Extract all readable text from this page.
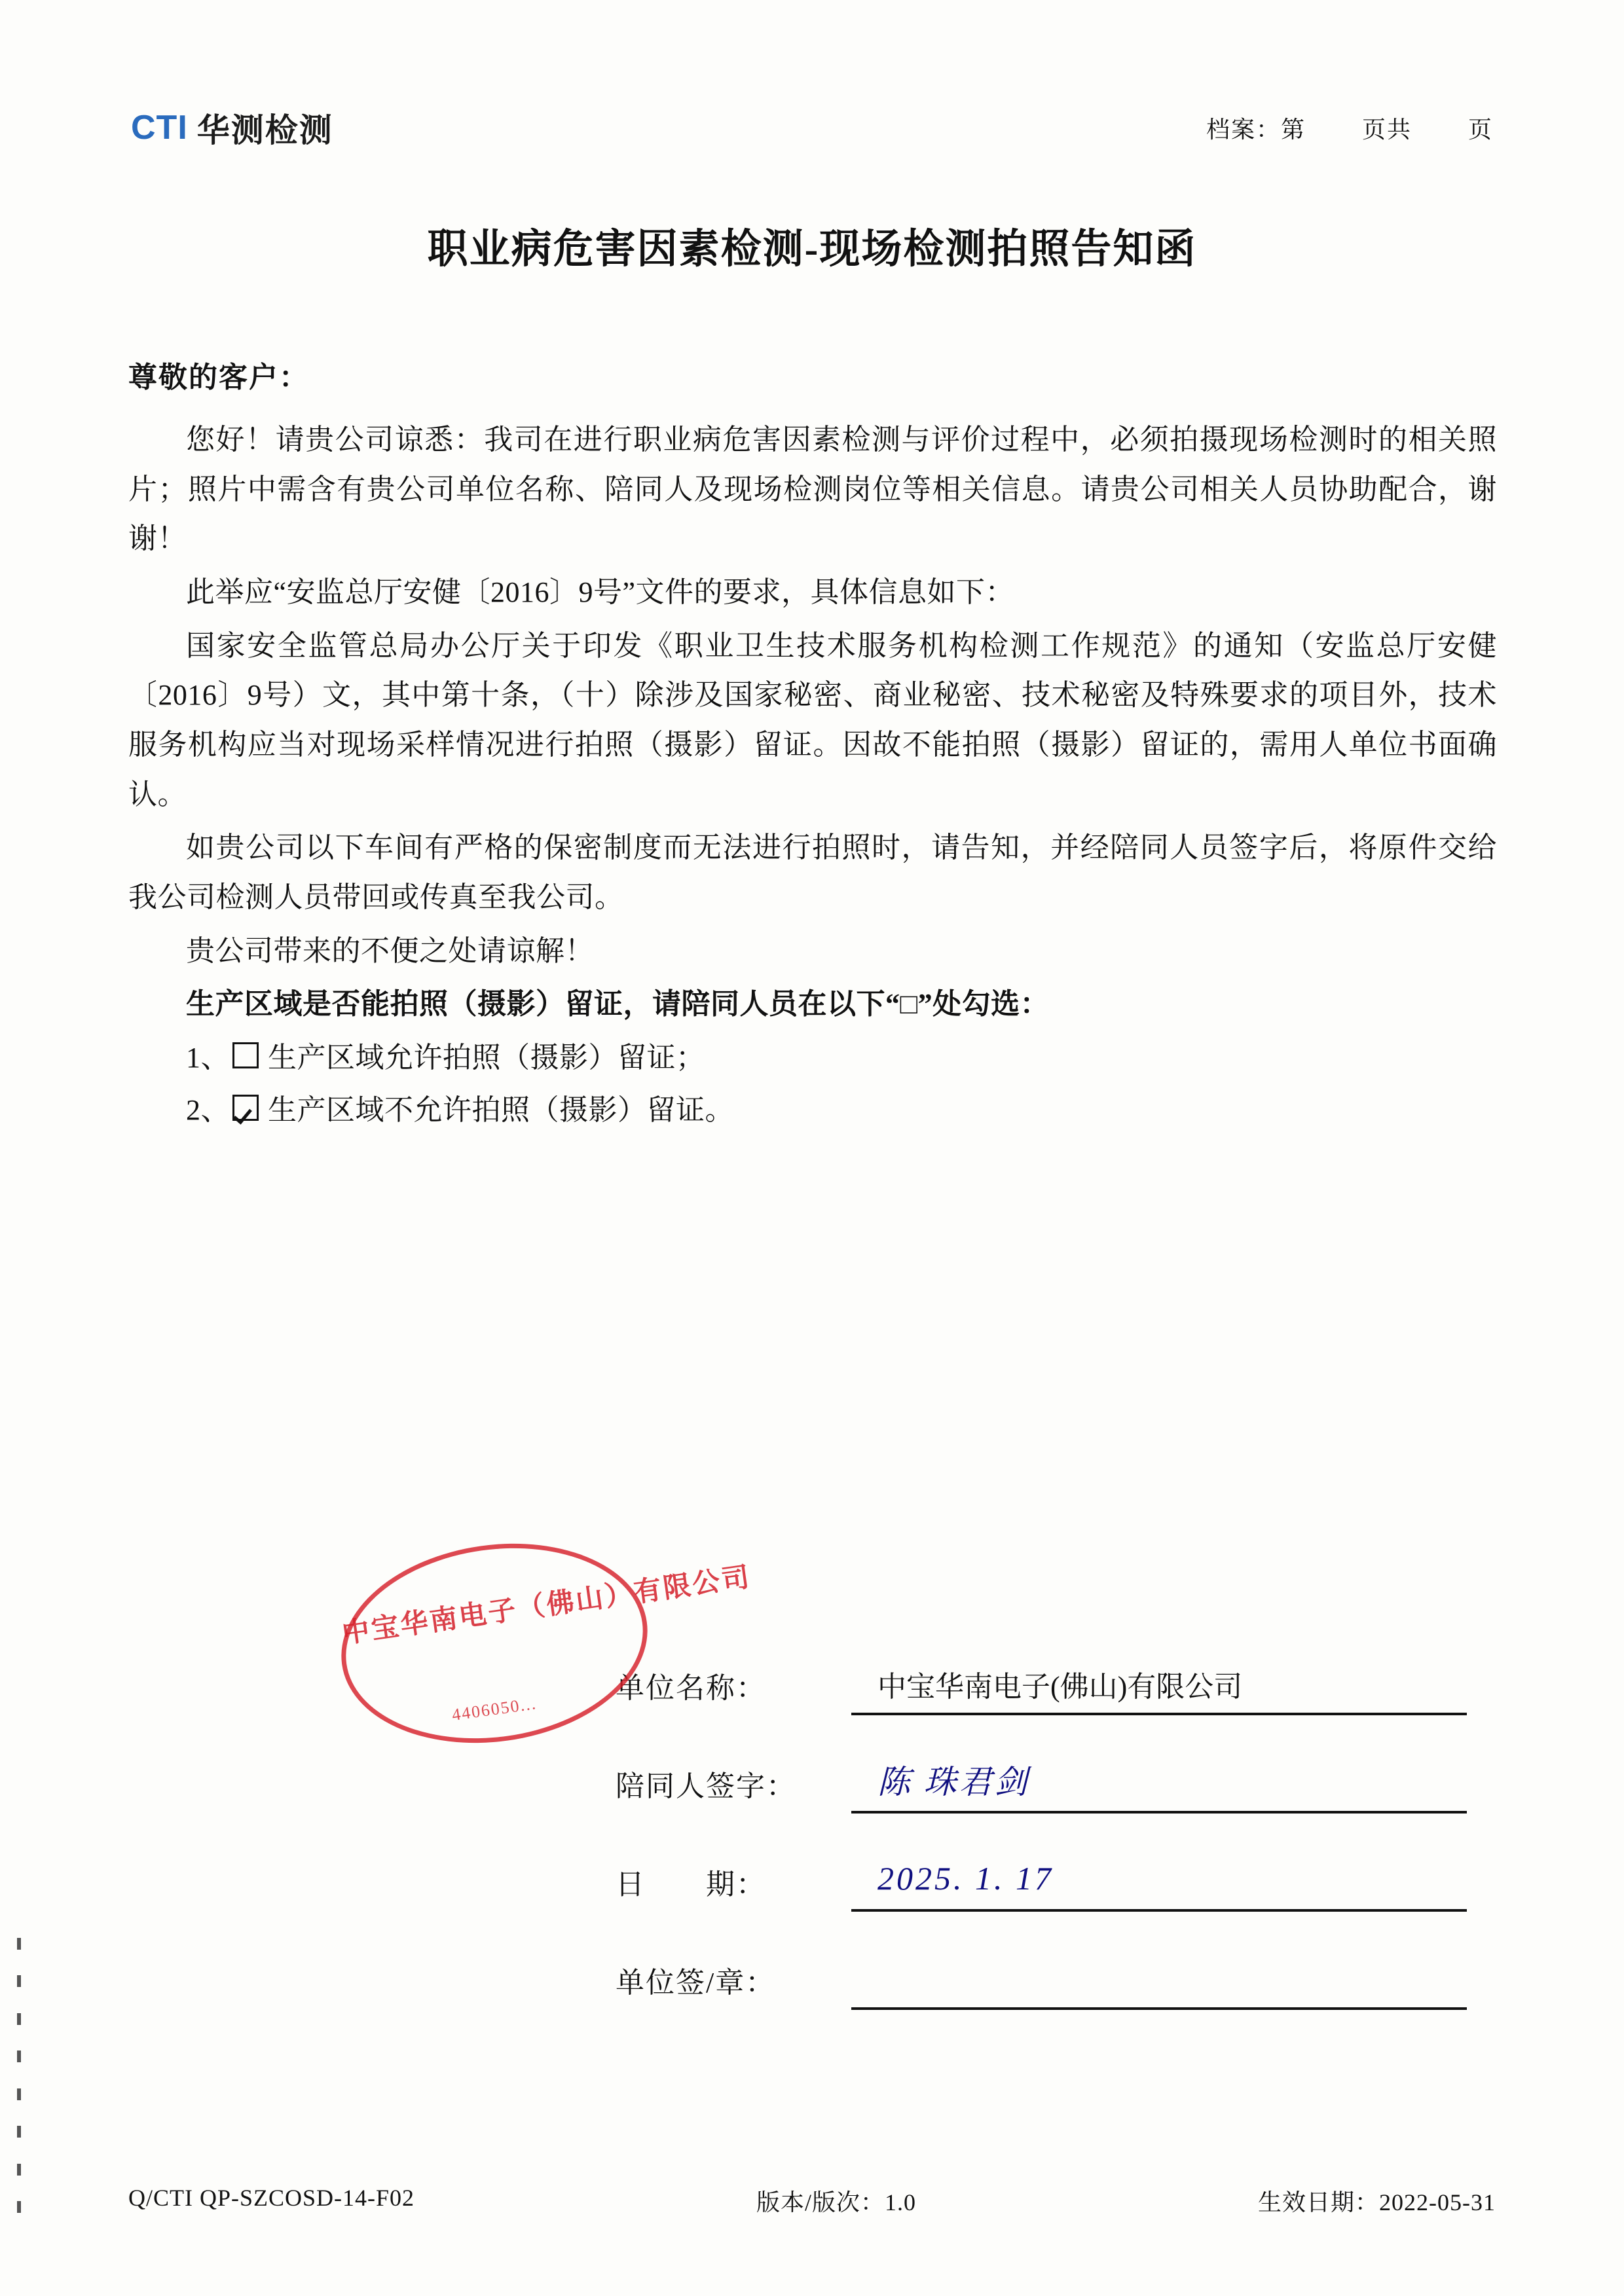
CTI 华测检测	档案：第 页共 页
职业病危害因素检测-现场检测拍照告知函
尊敬的客户：

您好！请贵公司谅悉：我司在进行职业病危害因素检测与评价过程中，必须拍摄现场检测时的相关照片；照片中需含有贵公司单位名称、陪同人及现场检测岗位等相关信息。请贵公司相关人员协助配合，谢谢！

此举应“安监总厅安健〔2016〕9号”文件的要求，具体信息如下：

国家安全监管总局办公厅关于印发《职业卫生技术服务机构检测工作规范》的通知（安监总厅安健〔2016〕9号）文，其中第十条，（十）除涉及国家秘密、商业秘密、技术秘密及特殊要求的项目外，技术服务机构应当对现场采样情况进行拍照（摄影）留证。因故不能拍照（摄影）留证的，需用人单位书面确认。

如贵公司以下车间有严格的保密制度而无法进行拍照时，请告知，并经陪同人员签字后，将原件交给我公司检测人员带回或传真至我公司。

贵公司带来的不便之处请谅解！

生产区域是否能拍照（摄影）留证，请陪同人员在以下“□”处勾选：

1、 生产区域允许拍照（摄影）留证；
2、 生产区域不允许拍照（摄影）留证。
中宝华南电子（佛山）有限公司
4406050...
单位名称：	中宝华南电子(佛山)有限公司
陪同人签字：	陈 珠君剑
日　　期：	2025. 1. 17
单位签/章：
Q/CTI QP-SZCOSD-14-F02	版本/版次：1.0	生效日期：2022-05-31
